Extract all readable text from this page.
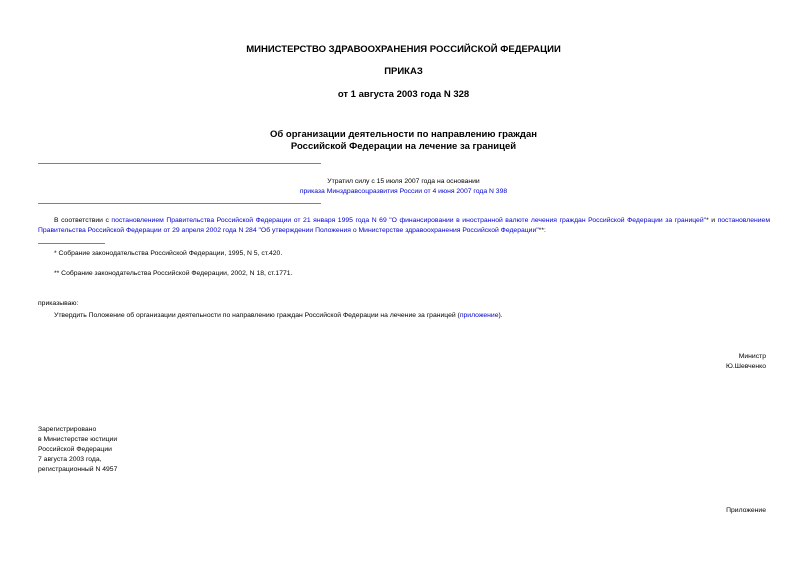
МИНИСТЕРСТВО ЗДРАВООХРАНЕНИЯ РОССИЙСКОЙ ФЕДЕРАЦИИ
ПРИКАЗ
от 1 августа 2003 года N 328
Об организации деятельности по направлению граждан
Российской Федерации на лечение за границей
Утратил силу с 15 июля 2007 года на основании
приказа Минздравсоцразвития России от 4 июня 2007 года N 398
В соответствии с постановлением Правительства Российской Федерации от 21 января 1995 года N 69 "О финансировании в иностранной валюте лечения граждан Российской Федерации за границей"* и постановлением Правительства Российской Федерации от 29 апреля 2002 года N 284 "Об утверждении Положения о Министерстве здравоохранения Российской Федерации"**:
* Собрание законодательства Российской Федерации, 1995, N 5, ст.420.
** Собрание законодательства Российской Федерации, 2002, N 18, ст.1771.
приказываю:
Утвердить Положение об организации деятельности по направлению граждан Российской Федерации на лечение за границей (приложение).
Министр
Ю.Шевченко
Зарегистрировано
в Министерстве юстиции
Российской Федерации
7 августа 2003 года,
регистрационный N 4957
Приложение
